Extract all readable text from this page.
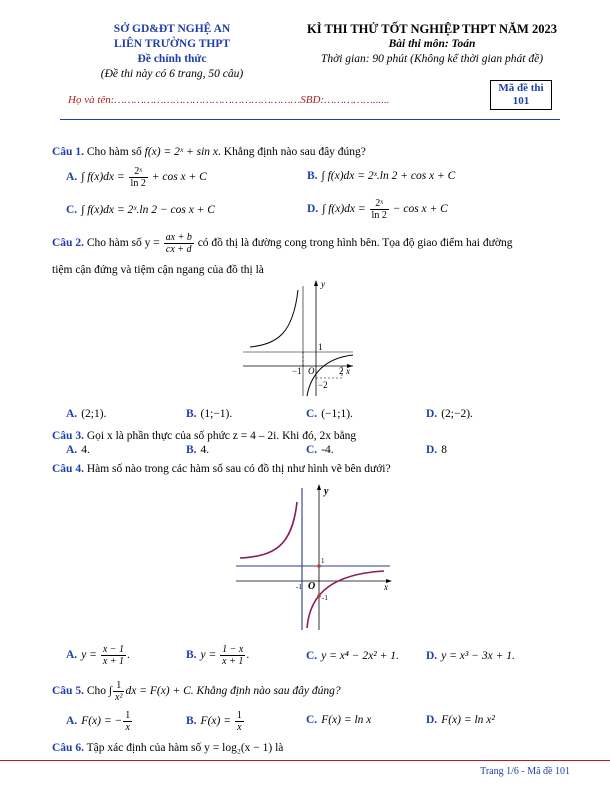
SỞ GD&ĐT NGHỆ AN
LIÊN TRƯỜNG THPT
Đề chính thức
(Đề thi này có 6 trang, 50 câu)
KÌ THI THỬ TỐT NGHIỆP THPT NĂM 2023
Bài thi môn: Toán
Thời gian: 90 phút (Không kể thời gian phát đề)
Họ và tên:…………………………………………………SBD:……………......
Mã đề thi
101
Câu 1. Cho hàm số f(x) = 2ˣ + sin x. Khẳng định nào sau đây đúng?
A. ∫ $f(x)dx = \frac{\text{2ˣ}}{\ln 2} + \cos x + C$	B. ∫ f(x)dx = 2ˣ.ln 2 + cos x + C
C. ∫ f(x)dx = 2ˣ.ln 2 − cos x + C	D. ∫ $f(x)dx = \frac{\text{2ˣ}}{\ln 2} - \cos x + C$
Câu 2. Cho hàm số $y = \frac{ax + b}{cx + d}$ có đồ thị là đường cong trong hình bên. Tọa độ giao điểm hai đường
tiệm cận đứng và tiệm cận ngang của đồ thị là
y
x
O
−1
1
2
−2
A. (2;1).	B. (1;−1).	C. (−1;1).	D. (2;−2).
Câu 3. Gọi x là phần thực của số phức z = 4 – 2i. Khi đó, 2x bằng
A. 4.	B. 4.	C. -4.	D. 8
Câu 4. Hàm số nào trong các hàm số sau có đồ thị như hình vẽ bên dưới?
y
x
O
-1
1
-1
A. $y = \frac{x - 1}{x + 1}$ .	B. $y = \frac{1 - x}{x + 1}$ .	C. y = x⁴ − 2x² + 1. D. y = x³ − 3x + 1.
Câu 5. Cho ∫ $\frac{1}{\text{x²}}$ dx = F(x) + C. Khẳng định nào sau đây đúng?
A. F(x) = − $\frac{1}{x}$	B. $F(x) = \frac{1}{x}$	C. F(x) = ln x	D. F(x) = ln x²
Câu 6. Tập xác định của hàm số y = log₂(x − 1) là
Trang 1/6 - Mã đề 101
